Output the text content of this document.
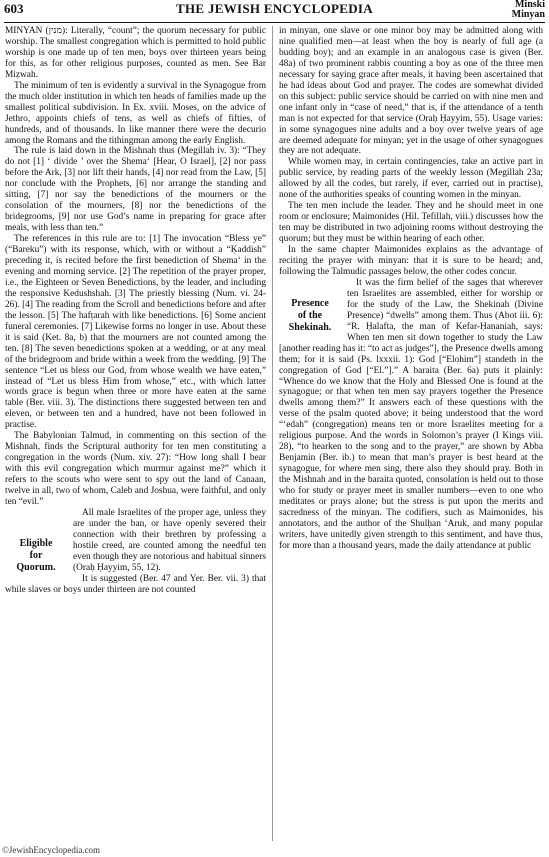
603	THE JEWISH ENCYCLOPEDIA	Minski
Minyan

MINYAN (מנין): Literally, “count”; the quorum necessary for public worship. The smallest congregation which is permitted to hold public worship is one made up of ten men, boys over thirteen years being for this, as for other religious purposes, counted as men. See Bar Miẓwah.

The minimum of ten is evidently a survival in the Synagogue from the much older institution in which ten heads of families made up the smallest political subdivision. In Ex. xviii. Moses, on the advice of Jethro, appoints chiefs of tens, as well as chiefs of fifties, of hundreds, and of thousands. In like manner there were the decurio among the Romans and the tithingman among the early English.

The rule is laid down in the Mishnah thus (Megillah iv. 3): “They do not [1] ‘ divide ’ over the Shema‘ [Hear, O Israel], [2] nor pass before the Ark, [3] nor lift their hands, [4] nor read from the Law, [5] nor conclude with the Prophets, [6] nor arrange the standing and sitting, [7] nor say the benedictions of the mourners or the consolation of the mourners, [8] nor the benedictions of the bridegrooms, [9] nor use God’s name in preparing for grace after meals, with less than ten.”

The references in this rule are to: [1] The invocation “Bless ye” (“Bareku”) with its response, which, with or without a “Ḳaddish” preceding it, is recited before the first benediction of Shema‘ in the evening and morning service. [2] The repetition of the prayer proper, i.e., the Eighteen or Seven Benedictions, by the leader, and including the responsive Kedushshah. [3] The priestly blessing (Num. vi. 24-26). [4] The reading from the Scroll and benedictions before and after the lesson. [5] The hafṭarah with like benedictions. [6] Some ancient funeral ceremonies. [7] Likewise forms no longer in use. About these it is said (Ket. 8a, b) that the mourners are not counted among the ten. [8] The seven benedictions spoken at a wedding, or at any meal of the bridegroom and bride within a week from the wedding. [9] The sentence “Let us bless our God, from whose wealth we have eaten,” instead of “Let us bless Him from whose,” etc., with which latter words grace is begun when three or more have eaten at the same table (Ber. viii. 3). The distinctions there suggested between ten and eleven, or between ten and a hundred, have not been followed in practise.

The Babylonian Talmud, in commenting on this section of the Mishnah, finds the Scriptural authority for ten men constituting a congregation in the words (Num. xiv. 27): “How long shall I bear with this evil congregation which murmur against me?” which it refers to the scouts who were sent to spy out the land of Canaan, twelve in all, two of whom, Caleb and Joshua, were faithful, and only ten “evil.”

Eligible
for
Quorum.

All male Israelites of the proper age, unless they are under the ban, or have openly severed their connection with their brethren by professing a hostile creed, are counted among the needful ten even though they are notorious and habitual sinners (Oraḥ Ḥayyim, 55, 12).

It is suggested (Ber. 47 and Yer. Ber. vii. 3) that while slaves or boys under thirteen are not counted

in minyan, one slave or one minor boy may be admitted along with nine qualified men—at least when the boy is nearly of full age (a budding boy); and an example in an analogous case is given (Ber. 48a) of two prominent rabbis counting a boy as one of the three men necessary for saying grace after meals, it having been ascertained that he had ideas about God and prayer. The codes are somewhat divided on this subject: public service should be carried on with nine men and one infant only in “case of need,” that is, if the attendance of a tenth man is not expected for that service (Oraḥ Ḥayyim, 55). Usage varies: in some synagogues nine adults and a boy over twelve years of age are deemed adequate for minyan; yet in the usage of other synagogues they are not adequate.

While women may, in certain contingencies, take an active part in public service, by reading parts of the weekly lesson (Megillah 23a; allowed by all the codes, but rarely, if ever, carried out in practise), none of the authorities speaks of counting women in the minyan.

The ten men include the leader. They and he should meet in one room or enclosure; Maimonides (Hil. Tefillah, viii.) discusses how the ten may be distributed in two adjoining rooms without destroying the quorum; but they must be within hearing of each other.

In the same chapter Maimonides explains as the advantage of reciting the prayer with minyan: that it is sure to be heard; and, following the Talmudic passages below, the other codes concur.

Presence
of the
Shekinah.

It was the firm belief of the sages that wherever ten Israelites are assembled, either for worship or for the study of the Law, the Shekinah (Divine Presence) “dwells” among them. Thus (Abot iii. 6): “R. Ḥalafta, the man of Kefar-Ḥananiah, says: When ten men sit down together to study the Law [another reading has it: “to act as judges”], the Presence dwells among them; for it is said (Ps. lxxxii. 1): God [“Elohim”] standeth in the congregation of God [“El.”].” A baraita (Ber. 6a) puts it plainly: “Whence do we know that the Holy and Blessed One is found at the synagogue; or that when ten men say prayers together the Presence dwells among them?” It answers each of these questions with the verse of the psalm quoted above; it being understood that the word “‘edah” (congregation) means ten or more Israelites meeting for a religious purpose. And the words in Solomon’s prayer (I Kings viii. 28), “to hearken to the song and to the prayer,” are shown by Abba Benjamin (Ber. ib.) to mean that man’s prayer is best heard at the synagogue, for where men sing, there also they should pray. Both in the Mishnah and in the baraita quoted, consolation is held out to those who for study or prayer meet in smaller numbers—even to one who meditates or prays alone; but the stress is put upon the merits and sacredness of the minyan. The codifiers, such as Maimonides, his annotators, and the author of the Shulḥan ‘Aruk, and many popular writers, have unitedly given strength to this sentiment, and have thus, for more than a thousand years, made the daily attendance at public

©JewishEncyclopedia.com
